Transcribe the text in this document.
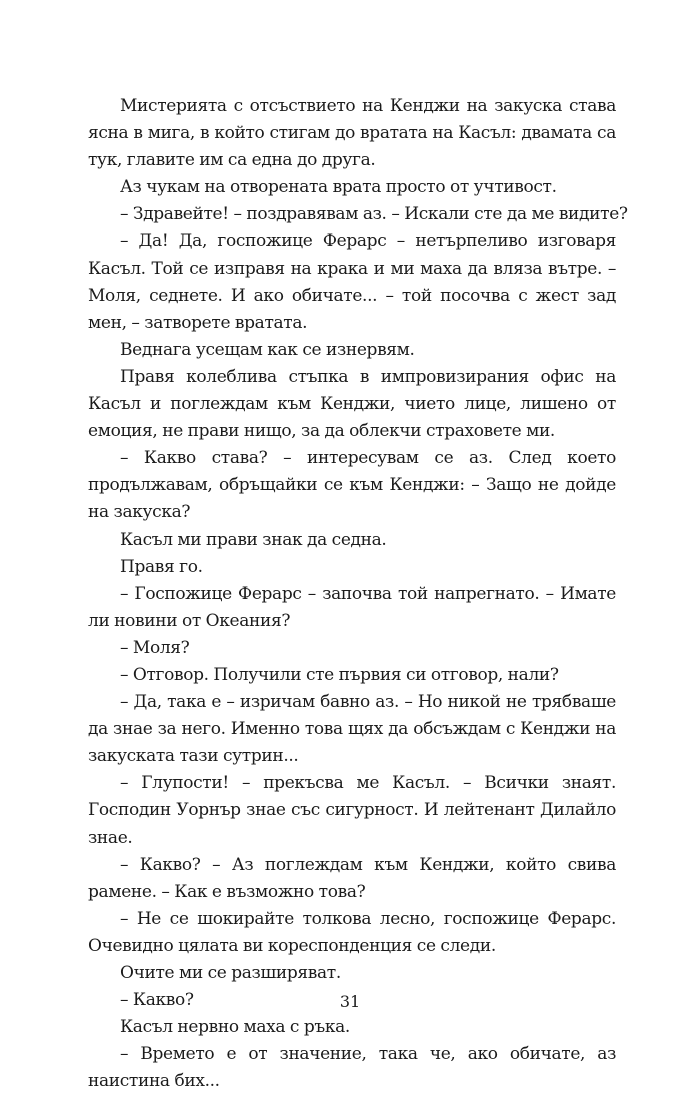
Мистерията с отсъствието на Кенджи на закуска става ясна в мига, в който стигам до вратата на Касъл: двамата са тук, главите им са една до друга.

Аз чукам на отворената врата просто от учтивост.

– Здравейте! – поздравявам аз. – Искали сте да ме видите?

– Да! Да, госпожице Ферарс – нетърпеливо изговаря Касъл. Той се изправя на крака и ми маха да вляза вътре. – Моля, седнете. И ако обичате... – той посочва с жест зад мен, – затворете вратата.

Веднага усещам как се изнервям.

Правя колеблива стъпка в импровизирания офис на Касъл и поглеждам към Кенджи, чието лице, лишено от емоция, не прави нищо, за да облекчи страховете ми.

– Какво става? – интересувам се аз. След което продължавам, обръщайки се към Кенджи: – Защо не дойде на закуска?

Касъл ми прави знак да седна.

Правя го.

– Госпожице Ферарс – започва той напрегнато. – Имате ли новини от Океания?

– Моля?

– Отговор. Получили сте първия си отговор, нали?

– Да, така е – изричам бавно аз. – Но никой не трябваше да знае за него. Именно това щях да обсъждам с Кенджи на закуската тази сутрин...

– Глупости! – прекъсва ме Касъл. – Всички знаят. Господин Уорнър знае със сигурност. И лейтенант Дилайло знае.

– Какво? – Аз поглеждам към Кенджи, който свива рамене. – Как е възможно това?

– Не се шокирайте толкова лесно, госпожице Ферарс. Очевидно цялата ви кореспонденция се следи.

Очите ми се разширяват.

– Какво?

Касъл нервно маха с ръка.

– Времето е от значение, така че, ако обичате, аз наистина бих...

31
